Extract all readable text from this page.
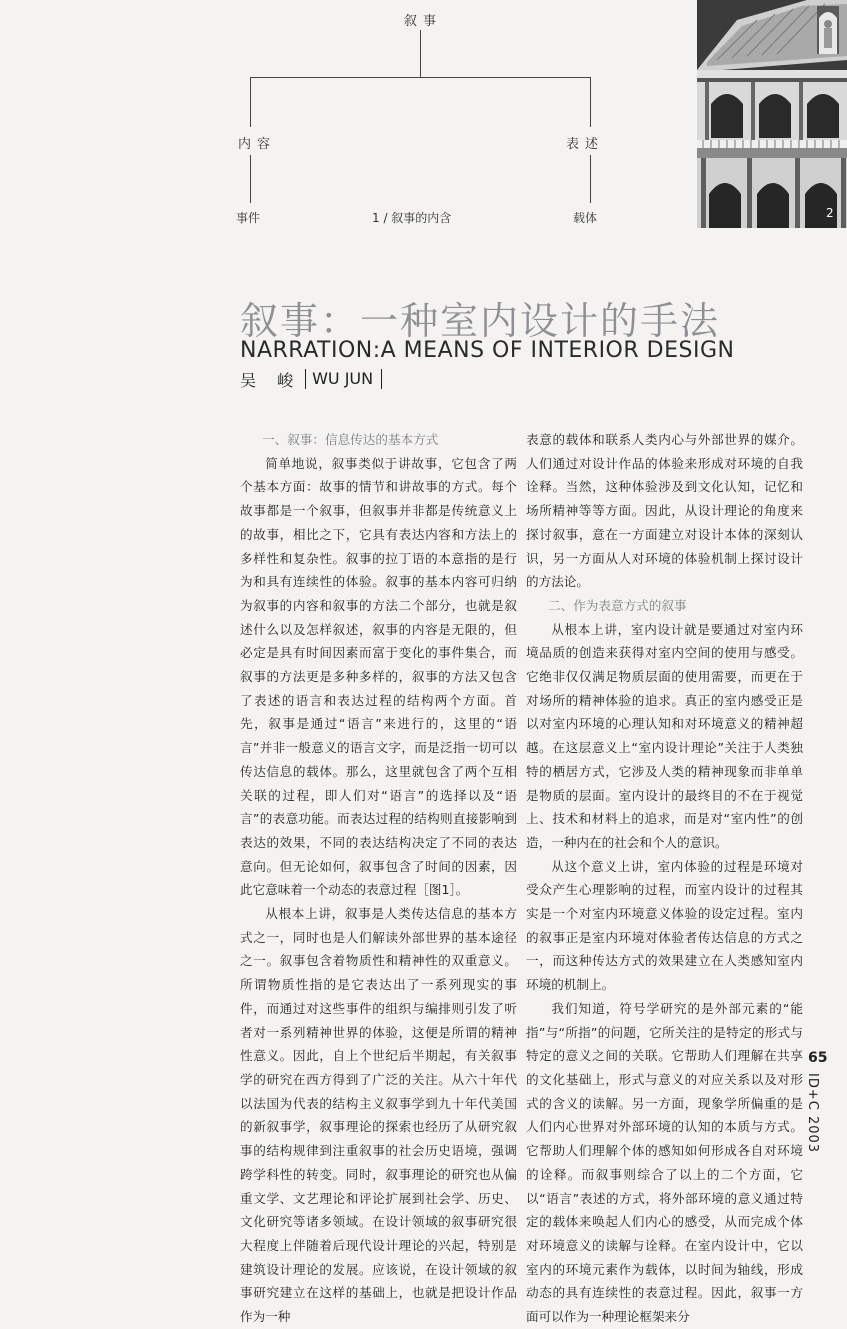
叙事
内容	表述
事件	1 / 叙事的内含	载体	2
叙事：一种室内设计的手法
NARRATION:A MEANS OF INTERIOR DESIGN
吴 峻 WU JUN
一、叙事：信息传达的基本方式

简单地说，叙事类似于讲故事，它包含了两个基本方面：故事的情节和讲故事的方式。每个故事都是一个叙事，但叙事并非都是传统意义上的故事，相比之下，它具有表达内容和方法上的多样性和复杂性。叙事的拉丁语的本意指的是行为和具有连续性的体验。叙事的基本内容可归纳为叙事的内容和叙事的方法二个部分，也就是叙述什么以及怎样叙述，叙事的内容是无限的，但必定是具有时间因素而富于变化的事件集合，而叙事的方法更是多种多样的，叙事的方法又包含了表述的语言和表达过程的结构两个方面。首先，叙事是通过“语言”来进行的，这里的“语言”并非一般意义的语言文字，而是泛指一切可以传达信息的载体。那么，这里就包含了两个互相关联的过程，即人们对“语言”的选择以及“语言”的表意功能。而表达过程的结构则直接影响到表达的效果，不同的表达结构决定了不同的表达意向。但无论如何，叙事包含了时间的因素，因此它意味着一个动态的表意过程［图1］。

从根本上讲，叙事是人类传达信息的基本方式之一，同时也是人们解读外部世界的基本途径之一。叙事包含着物质性和精神性的双重意义。所谓物质性指的是它表达出了一系列现实的事件，而通过对这些事件的组织与编排则引发了听者对一系列精神世界的体验，这便是所谓的精神性意义。因此，自上个世纪后半期起，有关叙事学的研究在西方得到了广泛的关注。从六十年代以法国为代表的结构主义叙事学到九十年代美国的新叙事学，叙事理论的探索也经历了从研究叙事的结构规律到注重叙事的社会历史语境，强调跨学科性的转变。同时，叙事理论的研究也从偏重文学、文艺理论和评论扩展到社会学、历史、文化研究等诸多领域。在设计领域的叙事研究很大程度上伴随着后现代设计理论的兴起，特别是建筑设计理论的发展。应该说，在设计领域的叙事研究建立在这样的基础上，也就是把设计作品作为一种

表意的载体和联系人类内心与外部世界的媒介。人们通过对设计作品的体验来形成对环境的自我诠释。当然，这种体验涉及到文化认知，记忆和场所精神等等方面。因此，从设计理论的角度来探讨叙事，意在一方面建立对设计本体的深刻认识，另一方面从人对环境的体验机制上探讨设计的方法论。

二、作为表意方式的叙事

从根本上讲，室内设计就是要通过对室内环境品质的创造来获得对室内空间的使用与感受。它绝非仅仅满足物质层面的使用需要，而更在于对场所的精神体验的追求。真正的室内感受正是以对室内环境的心理认知和对环境意义的精神超越。在这层意义上“室内设计理论”关注于人类独特的栖居方式，它涉及人类的精神现象而非单单是物质的层面。室内设计的最终目的不在于视觉上、技术和材料上的追求，而是对“室内性”的创造，一种内在的社会和个人的意识。

从这个意义上讲，室内体验的过程是环境对受众产生心理影响的过程，而室内设计的过程其实是一个对室内环境意义体验的设定过程。室内的叙事正是室内环境对体验者传达信息的方式之一，而这种传达方式的效果建立在人类感知室内环境的机制上。

我们知道，符号学研究的是外部元素的“能指”与“所指”的问题，它所关注的是特定的形式与特定的意义之间的关联。它帮助人们理解在共享的文化基础上，形式与意义的对应关系以及对形式的含义的读解。另一方面，现象学所偏重的是人们内心世界对外部环境的认知的本质与方式。它帮助人们理解个体的感知如何形成各自对环境的诠释。而叙事则综合了以上的二个方面，它以“语言”表述的方式，将外部环境的意义通过特定的载体来唤起人们内心的感受，从而完成个体对环境意义的读解与诠释。在室内设计中，它以室内的环境元素作为载体，以时间为轴线，形成动态的具有连续性的表意过程。因此，叙事一方面可以作为一种理论框架来分

65
ID+C 2003
